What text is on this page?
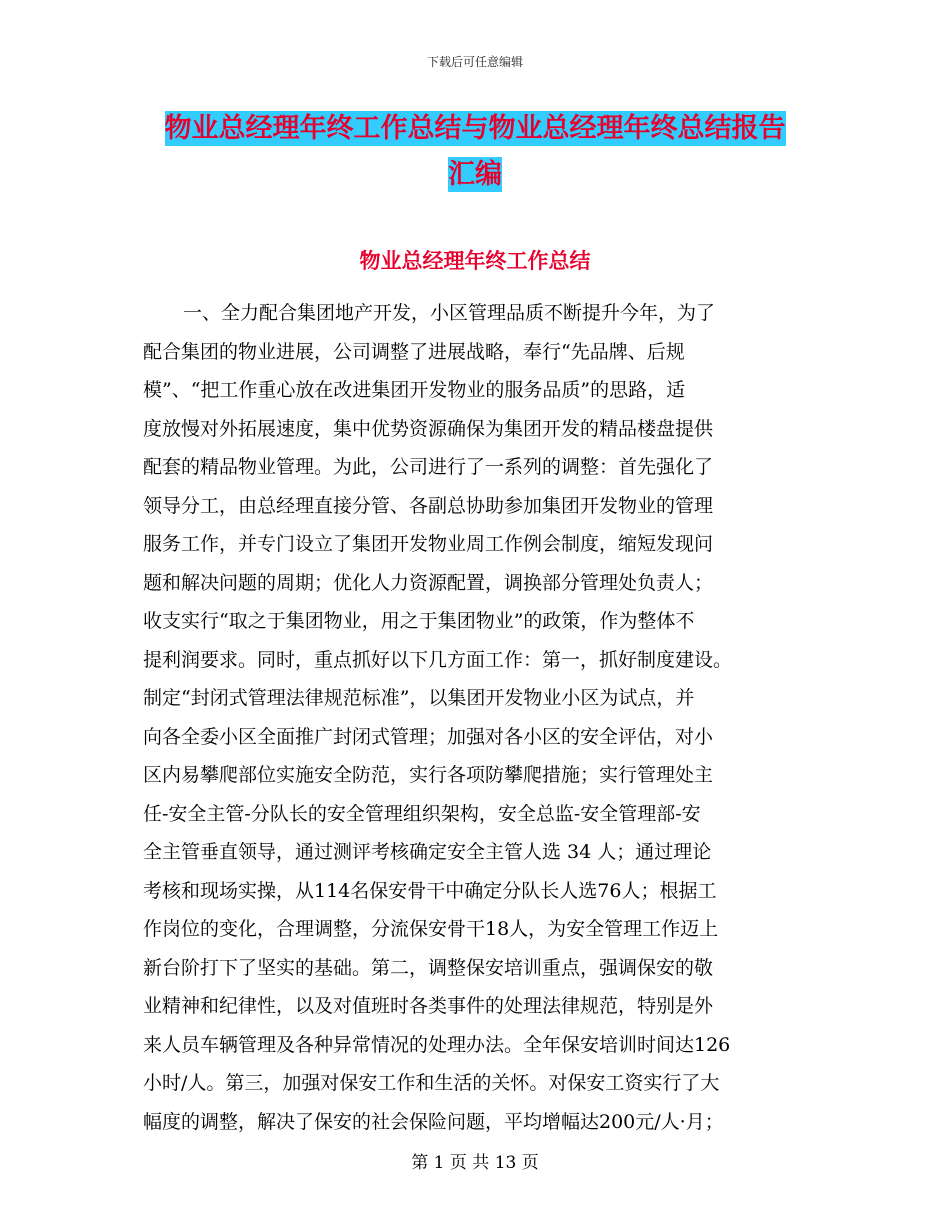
下载后可任意编辑
物业总经理年终工作总结与物业总经理年终总结报告
汇编
物业总经理年终工作总结
一、全力配合集团地产开发，小区管理品质不断提升今年，为了
配合集团的物业进展，公司调整了进展战略，奉行“先品牌、后规
模”、“把工作重心放在改进集团开发物业的服务品质”的思路，适
度放慢对外拓展速度，集中优势资源确保为集团开发的精品楼盘提供
配套的精品物业管理。为此，公司进行了一系列的调整：首先强化了
领导分工，由总经理直接分管、各副总协助参加集团开发物业的管理
服务工作，并专门设立了集团开发物业周工作例会制度，缩短发现问
题和解决问题的周期；优化人力资源配置，调换部分管理处负责人；
收支实行“取之于集团物业，用之于集团物业”的政策，作为整体不
提利润要求。同时，重点抓好以下几方面工作：第一，抓好制度建设。
制定“封闭式管理法律规范标准”，以集团开发物业小区为试点，并
向各全委小区全面推广封闭式管理；加强对各小区的安全评估，对小
区内易攀爬部位实施安全防范，实行各项防攀爬措施；实行管理处主
任-安全主管-分队长的安全管理组织架构，安全总监-安全管理部-安
全主管垂直领导，通过测评考核确定安全主管人选 34 人；通过理论
考核和现场实操，从114名保安骨干中确定分队长人选76人；根据工
作岗位的变化，合理调整，分流保安骨干18人，为安全管理工作迈上
新台阶打下了坚实的基础。第二，调整保安培训重点，强调保安的敬
业精神和纪律性，以及对值班时各类事件的处理法律规范，特别是外
来人员车辆管理及各种异常情况的处理办法。全年保安培训时间达126
小时/人。第三，加强对保安工作和生活的关怀。对保安工资实行了大
幅度的调整，解决了保安的社会保险问题，平均增幅达200元/人·月；
第 1 页 共 13 页
